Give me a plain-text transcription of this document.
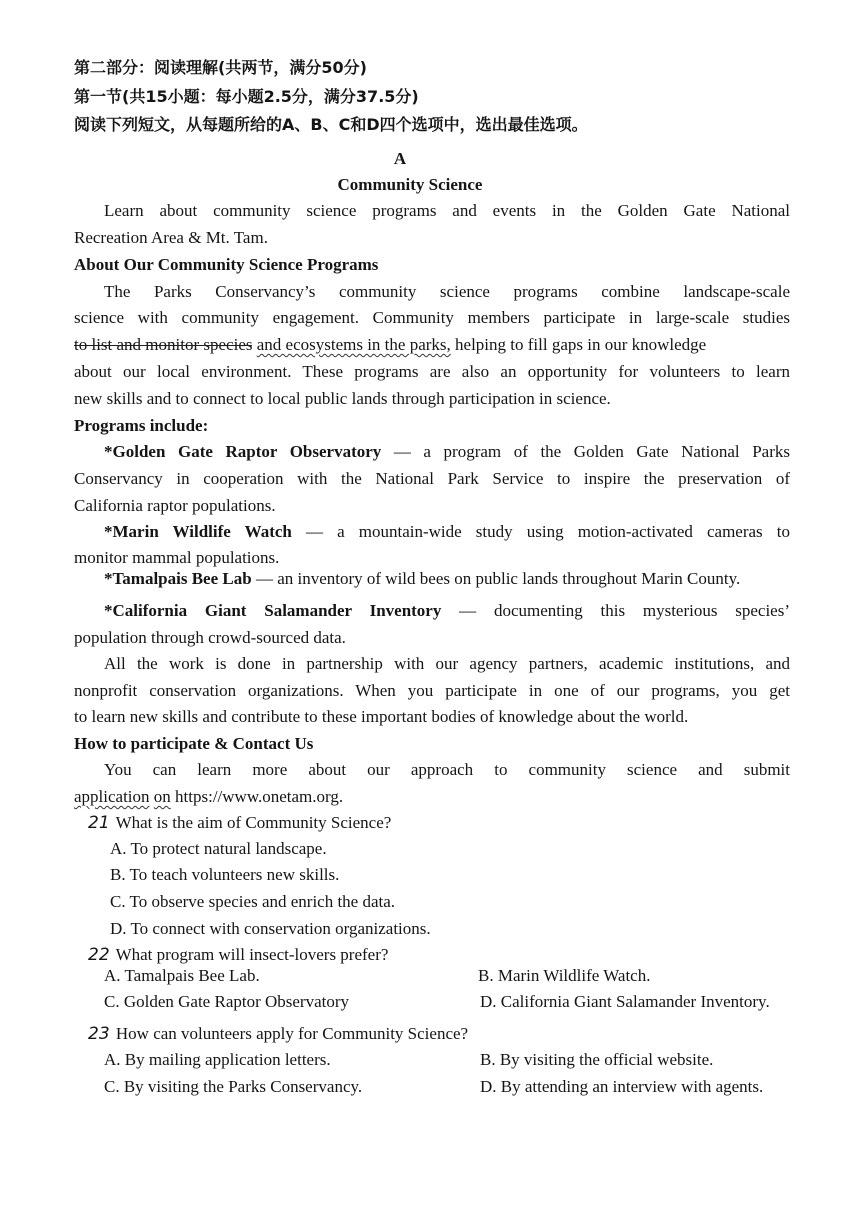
第二部分：阅读理解(共两节，满分50分)
第一节(共15小题：每小题2.5分，满分37.5分)
阅读下列短文，从每题所给的A、B、C和D四个选项中，选出最佳选项。
A
Community Science
Learn about community science programs and events in the Golden Gate National
Recreation Area & Mt. Tam.
About Our Community Science Programs
The Parks Conservancy’s community science programs combine landscape-scale
science with community engagement. Community members participate in large-scale studies
to list and monitor species and ecosystems in the parks, helping to fill gaps in our knowledge
about our local environment. These programs are also an opportunity for volunteers to learn
new skills and to connect to local public lands through participation in science.
Programs include:
*Golden Gate Raptor Observatory — a program of the Golden Gate National Parks
Conservancy in cooperation with the National Park Service to inspire the preservation of
California raptor populations.
*Marin Wildlife Watch — a mountain-wide study using motion-activated cameras to
monitor mammal populations.
*Tamalpais Bee Lab — an inventory of wild bees on public lands throughout Marin County.
*California Giant Salamander Inventory — documenting this mysterious species’
population through crowd-sourced data.
All the work is done in partnership with our agency partners, academic institutions, and
nonprofit conservation organizations. When you participate in one of our programs, you get
to learn new skills and contribute to these important bodies of knowledge about the world.
How to participate & Contact Us
You can learn more about our approach to community science and submit
application on https://www.onetam.org.
21 What is the aim of Community Science?
A. To protect natural landscape.
B. To teach volunteers new skills.
C. To observe species and enrich the data.
D. To connect with conservation organizations.
22 What program will insect-lovers prefer?
A. Tamalpais Bee Lab.	B. Marin Wildlife Watch.
C. Golden Gate Raptor Observatory	D. California Giant Salamander Inventory.
23 How can volunteers apply for Community Science?
A. By mailing application letters.	B. By visiting the official website.
C. By visiting the Parks Conservancy.	D. By attending an interview with agents.
